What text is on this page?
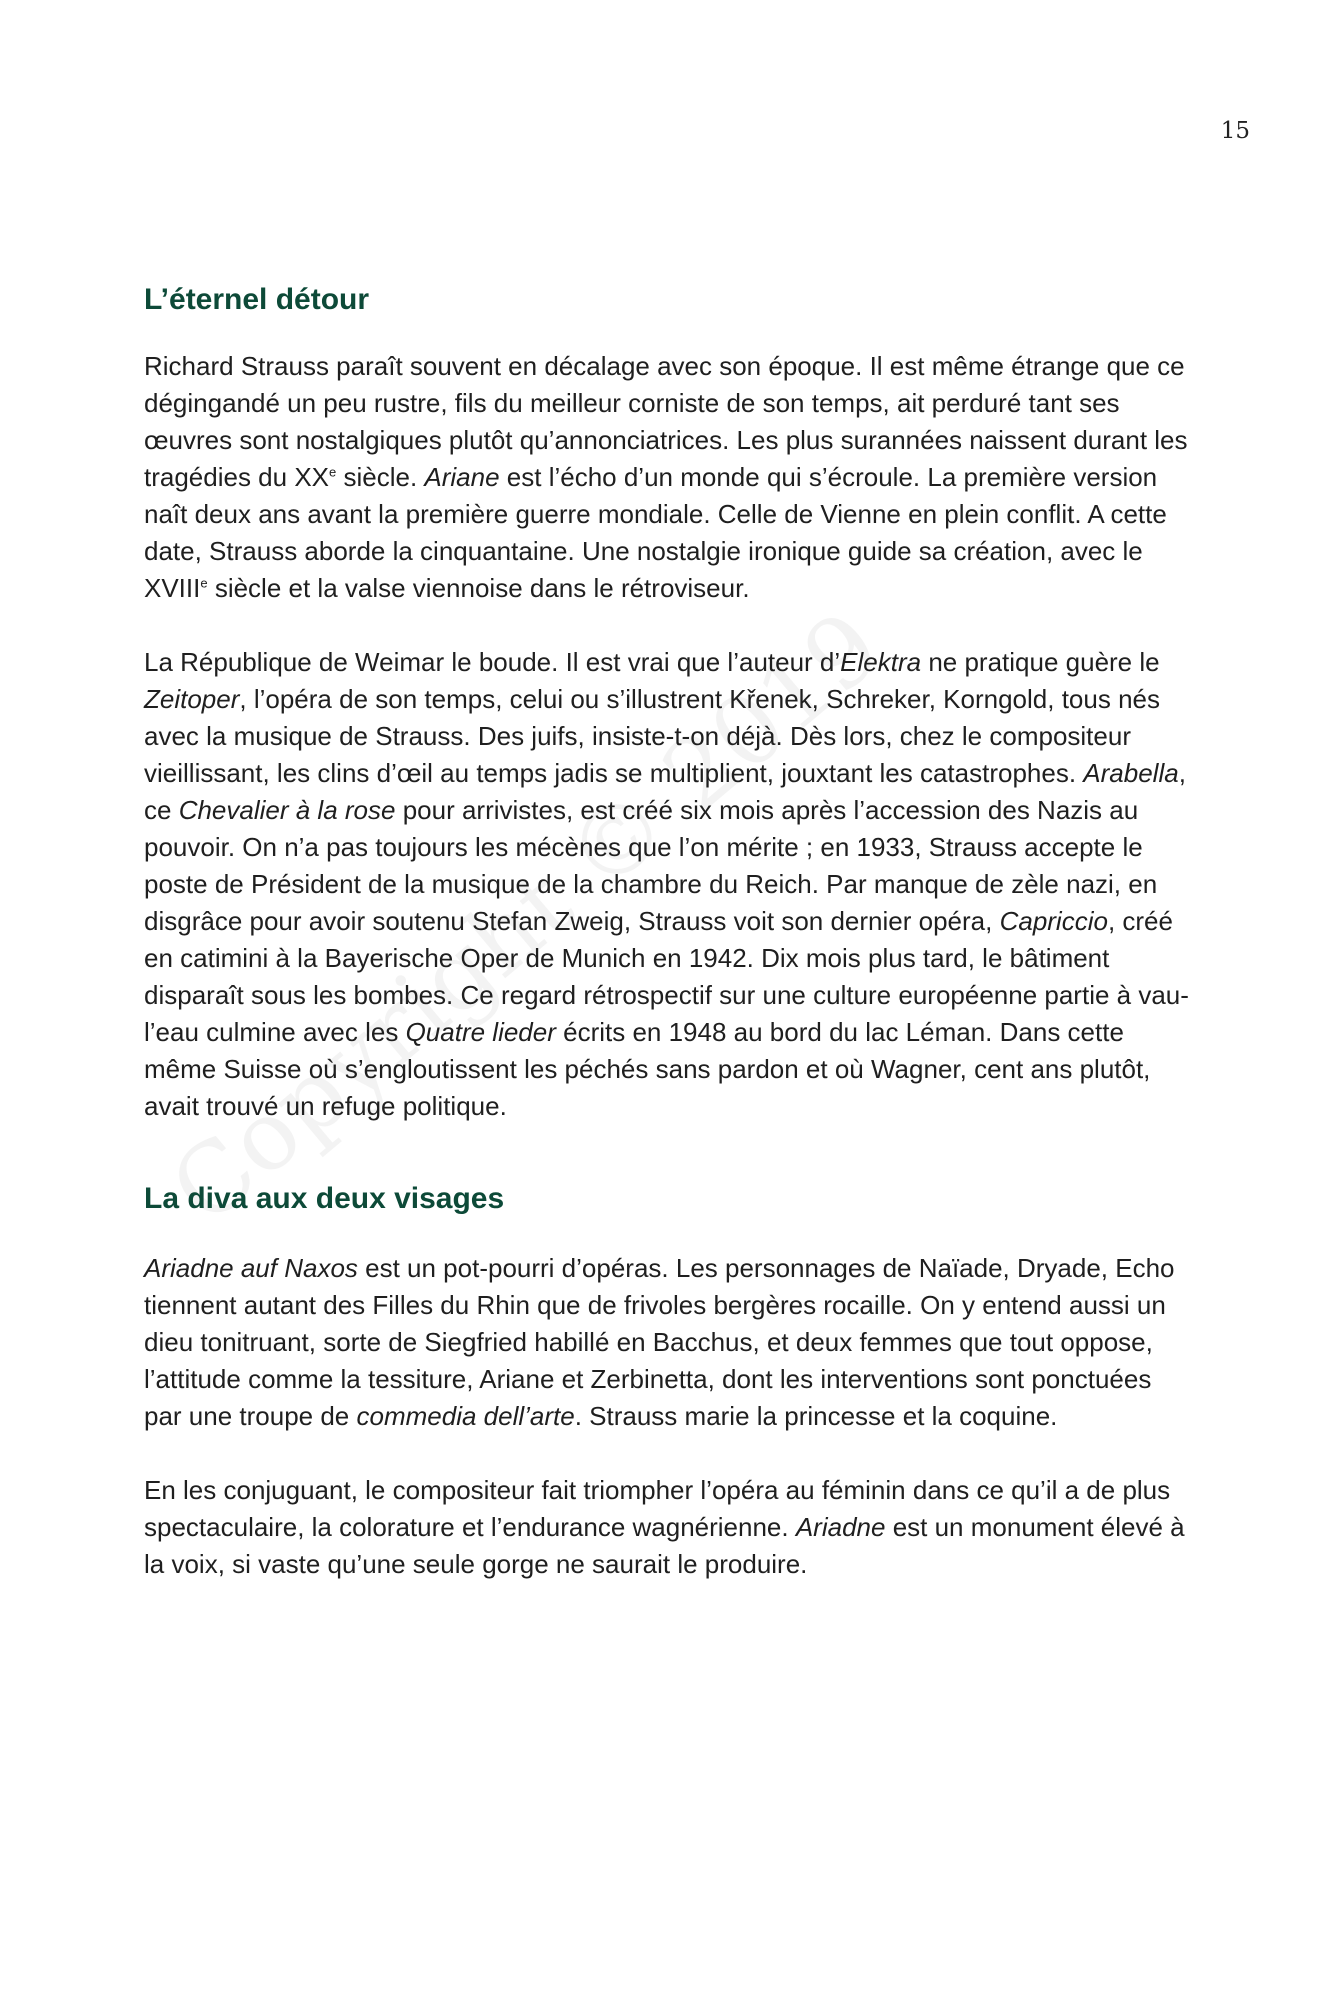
15
L’éternel détour

Richard Strauss paraît souvent en décalage avec son époque. Il est même étrange que ce dégingandé un peu rustre, fils du meilleur corniste de son temps, ait perduré tant ses œuvres sont nostalgiques plutôt qu’annonciatrices. Les plus surannées naissent durant les tragédies du XXe siècle. Ariane est l’écho d’un monde qui s’écroule. La première version naît deux ans avant la première guerre mondiale. Celle de Vienne en plein conflit. A cette date, Strauss aborde la cinquantaine. Une nostalgie ironique guide sa création, avec le XVIIIe siècle et la valse viennoise dans le rétroviseur.

La République de Weimar le boude. Il est vrai que l’auteur d’Elektra ne pratique guère le Zeitoper, l’opéra de son temps, celui ou s’illustrent Křenek, Schreker, Korngold, tous nés avec la musique de Strauss. Des juifs, insiste-t-on déjà. Dès lors, chez le compositeur vieillissant, les clins d’œil au temps jadis se multiplient, jouxtant les catastrophes. Arabella, ce Chevalier à la rose pour arrivistes, est créé six mois après l’accession des Nazis au pouvoir. On n’a pas toujours les mécènes que l’on mérite ; en 1933, Strauss accepte le poste de Président de la musique de la chambre du Reich. Par manque de zèle nazi, en disgrâce pour avoir soutenu Stefan Zweig, Strauss voit son dernier opéra, Capriccio, créé en catimini à la Bayerische Oper de Munich en 1942. Dix mois plus tard, le bâtiment disparaît sous les bombes. Ce regard rétrospectif sur une culture européenne partie à vau-l’eau culmine avec les Quatre lieder écrits en 1948 au bord du lac Léman. Dans cette même Suisse où s’engloutissent les péchés sans pardon et où Wagner, cent ans plutôt, avait trouvé un refuge politique.

La diva aux deux visages

Ariadne auf Naxos est un pot-pourri d’opéras. Les personnages de Naïade, Dryade, Echo tiennent autant des Filles du Rhin que de frivoles bergères rocaille. On y entend aussi un dieu tonitruant, sorte de Siegfried habillé en Bacchus, et deux femmes que tout oppose, l’attitude comme la tessiture, Ariane et Zerbinetta, dont les interventions sont ponctuées par une troupe de commedia dell’arte. Strauss marie la princesse et la coquine.

En les conjuguant, le compositeur fait triompher l’opéra au féminin dans ce qu’il a de plus spectaculaire, la colorature et l’endurance wagnérienne. Ariadne est un monument élevé à la voix, si vaste qu’une seule gorge ne saurait le produire.
